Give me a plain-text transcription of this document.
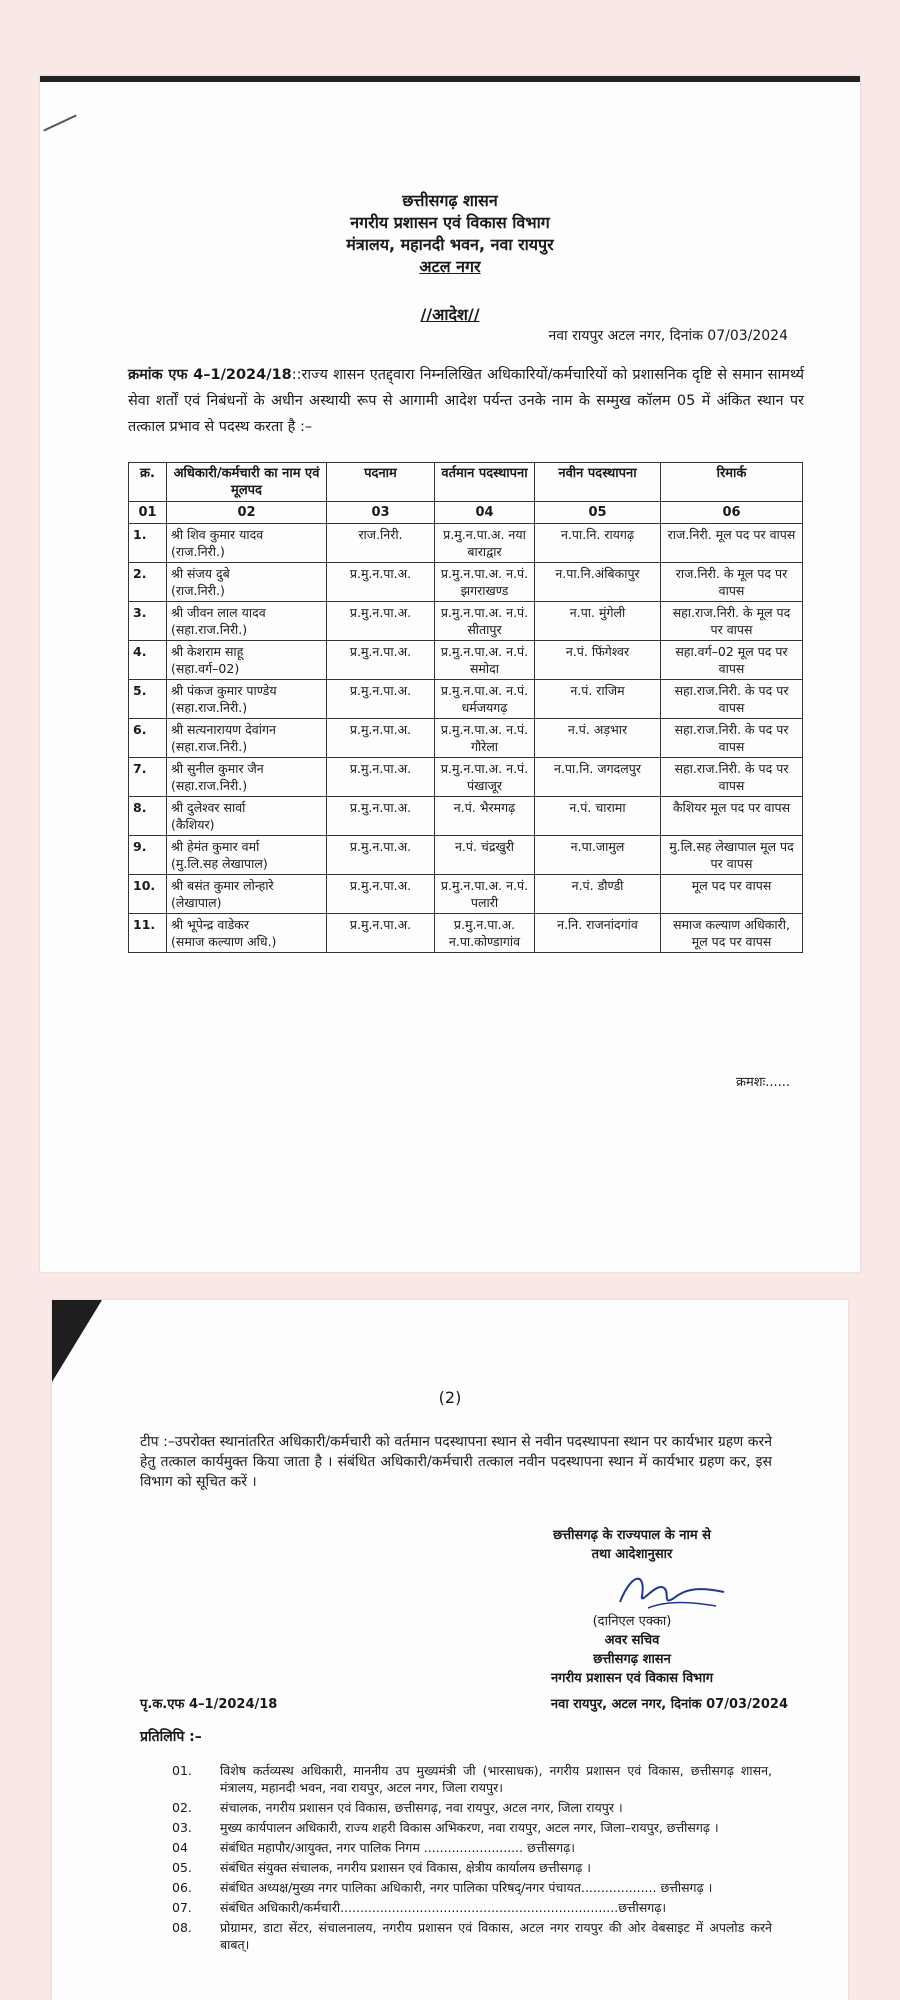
छत्तीसगढ़ शासन
नगरीय प्रशासन एवं विकास विभाग
मंत्रालय, महानदी भवन, नवा रायपुर
अटल नगर
//आदेश//
नवा रायपुर अटल नगर, दिनांक 07/03/2024
क्रमांक एफ 4–1/2024/18::राज्य शासन एतद्द्वारा निम्नलिखित अधिकारियों/कर्मचारियों को प्रशासनिक दृष्टि से समान सामर्थ्य सेवा शर्तों एवं निबंधनों के अधीन अस्थायी रूप से आगामी आदेश पर्यन्त उनके नाम के सम्मुख कॉलम 05 में अंकित स्थान पर तत्काल प्रभाव से पदस्थ करता है :–
क्र.	अधिकारी/कर्मचारी का नाम एवं मूलपद	पदनाम	वर्तमान पदस्थापना	नवीन पदस्थापना	रिमार्क
01	02	03	04	05	06
1.	श्री शिव कुमार यादव
(राज.निरी.)	राज.निरी.	प्र.मु.न.पा.अ. नया बाराद्वार	न.पा.नि. रायगढ़	राज.निरी. मूल पद पर वापस
2.	श्री संजय दुबे
(राज.निरी.)	प्र.मु.न.पा.अ.	प्र.मु.न.पा.अ. न.पं. झगराखण्ड	न.पा.नि.अंबिकापुर	राज.निरी. के मूल पद पर वापस
3.	श्री जीवन लाल यादव
(सहा.राज.निरी.)	प्र.मु.न.पा.अ.	प्र.मु.न.पा.अ. न.पं. सीतापुर	न.पा. मुंगेली	सहा.राज.निरी. के मूल पद पर वापस
4.	श्री केशराम साहू
(सहा.वर्ग–02)	प्र.मु.न.पा.अ.	प्र.मु.न.पा.अ. न.पं. समोदा	न.पं. फिंगेश्वर	सहा.वर्ग–02 मूल पद पर वापस
5.	श्री पंकज कुमार पाण्डेय
(सहा.राज.निरी.)	प्र.मु.न.पा.अ.	प्र.मु.न.पा.अ. न.पं. धर्मजयगढ़	न.पं. राजिम	सहा.राज.निरी. के पद पर वापस
6.	श्री सत्यनारायण देवांगन
(सहा.राज.निरी.)	प्र.मु.न.पा.अ.	प्र.मु.न.पा.अ. न.पं. गौरेला	न.पं. अड़भार	सहा.राज.निरी. के पद पर वापस
7.	श्री सुनील कुमार जैन
(सहा.राज.निरी.)	प्र.मु.न.पा.अ.	प्र.मु.न.पा.अ. न.पं. पंखाजूर	न.पा.नि. जगदलपुर	सहा.राज.निरी. के पद पर वापस
8.	श्री दुलेश्वर सार्वा
(कैशियर)	प्र.मु.न.पा.अ.	न.पं. भैरमगढ़	न.पं. चारामा	कैशियर मूल पद पर वापस
9.	श्री हेमंत कुमार वर्मा
(मु.लि.सह लेखापाल)	प्र.मु.न.पा.अ.	न.पं. चंद्रखुरी	न.पा.जामुल	मु.लि.सह लेखापाल मूल पद पर वापस
10.	श्री बसंत कुमार लोन्हारे
(लेखापाल)	प्र.मु.न.पा.अ.	प्र.मु.न.पा.अ. न.पं. पलारी	न.पं. डौण्डी	मूल पद पर वापस
11.	श्री भूपेन्द्र वाडेकर
(समाज कल्याण अधि.)	प्र.मु.न.पा.अ.	प्र.मु.न.पा.अ. न.पा.कोण्डागांव	न.नि. राजनांदगांव	समाज कल्याण अधिकारी, मूल पद पर वापस
क्रमशः......
(2)
टीप :–उपरोक्त स्थानांतरित अधिकारी/कर्मचारी को वर्तमान पदस्थापना स्थान से नवीन पदस्थापना स्थान पर कार्यभार ग्रहण करने हेतु तत्काल कार्यमुक्त किया जाता है । संबंधित अधिकारी/कर्मचारी तत्काल नवीन पदस्थापना स्थान में कार्यभार ग्रहण कर, इस विभाग को सूचित करें ।
छत्तीसगढ़ के राज्यपाल के नाम से
तथा आदेशानुसार
(दानिएल एक्का)
अवर सचिव
छत्तीसगढ़ शासन
नगरीय प्रशासन एवं विकास विभाग
पृ.क.एफ 4–1/2024/18	नवा रायपुर, अटल नगर, दिनांक 07/03/2024
प्रतिलिपि :–
01.	विशेष कर्तव्यस्थ अधिकारी, माननीय उप मुख्यमंत्री जी (भारसाधक), नगरीय प्रशासन एवं विकास, छत्तीसगढ़ शासन, मंत्रालय, महानदी भवन, नवा रायपुर, अटल नगर, जिला रायपुर।
02.	संचालक, नगरीय प्रशासन एवं विकास, छत्तीसगढ़, नवा रायपुर, अटल नगर, जिला रायपुर ।
03.	मुख्य कार्यपालन अधिकारी, राज्य शहरी विकास अभिकरण, नवा रायपुर, अटल नगर, जिला–रायपुर, छत्तीसगढ़ ।
04	संबंधित महापौर/आयुक्त, नगर पालिक निगम ......................... छत्तीसगढ़।
05.	संबंधित संयुक्त संचालक, नगरीय प्रशासन एवं विकास, क्षेत्रीय कार्यालय छत्तीसगढ़ ।
06.	संबंधित अध्यक्ष/मुख्य नगर पालिका अधिकारी, नगर पालिका परिषद्/नगर पंचायत................... छत्तीसगढ़ ।
07.	संबंधित अधिकारी/कर्मचारी......................................................................छत्तीसगढ़।
08.	प्रोग्रामर, डाटा सेंटर, संचालनालय, नगरीय प्रशासन एवं विकास, अटल नगर रायपुर की ओर वेबसाइट में अपलोड करने बाबत्।
